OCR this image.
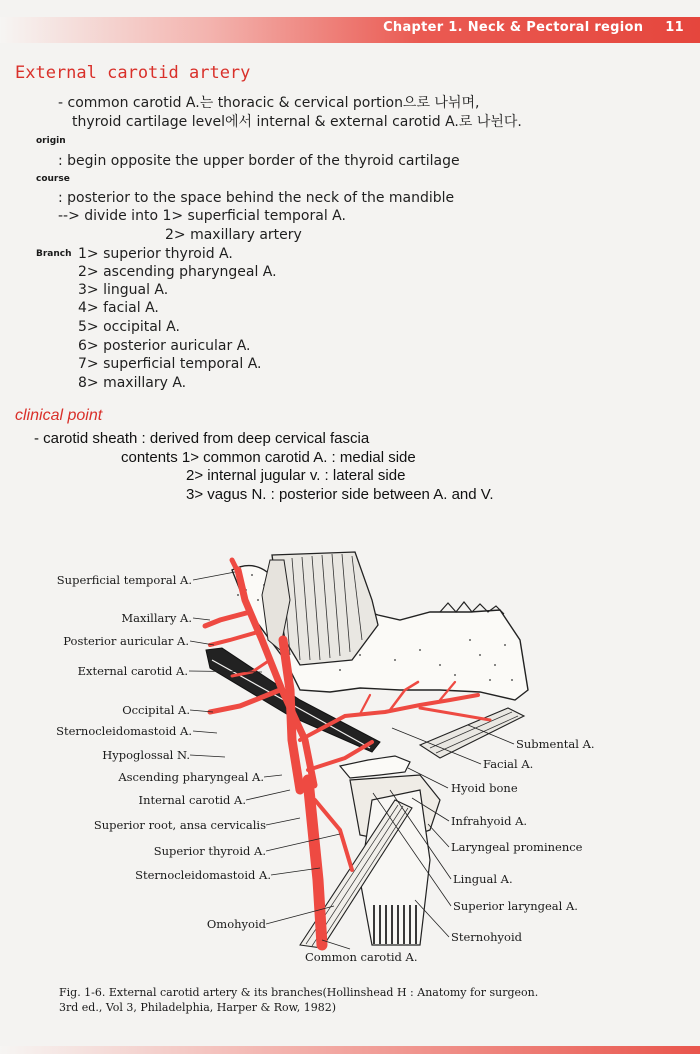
Chapter 1. Neck & Pectoral region 11
External carotid artery
- common carotid A.는 thoracic & cervical portion으로 나뉘며,
thyroid cartilage level에서 internal & external carotid A.로 나뉜다.
origin
: begin opposite the upper border of the thyroid cartilage
course
: posterior to the space behind the neck of the mandible
--> divide into 1> superficial temporal A.
2> maxillary artery
Branch 1> superior thyroid A.
2> ascending pharyngeal A.
3> lingual A.
4> facial A.
5> occipital A.
6> posterior auricular A.
7> superficial temporal A.
8> maxillary A.
clinical point
- carotid sheath : derived from deep cervical fascia
contents 1> common carotid A. : medial side
2> internal jugular v. : lateral side
3> vagus N. : posterior side between A. and V.
Superficial temporal A.
Maxillary A.
Posterior auricular A.
External carotid A.
Occipital A.
Sternocleidomastoid A.
Hypoglossal N.
Ascending pharyngeal A.
Internal carotid A.
Superior root, ansa cervicalis
Superior thyroid A.
Sternocleidomastoid A.
Omohyoid
Submental A.
Facial A.
Hyoid bone
Infrahyoid A.
Laryngeal prominence
Lingual A.
Superior laryngeal A.
Sternohyoid
Common carotid A.
Fig. 1-6. External carotid artery & its branches(Hollinshead H : Anatomy for surgeon.
3rd ed., Vol 3, Philadelphia, Harper & Row, 1982)
